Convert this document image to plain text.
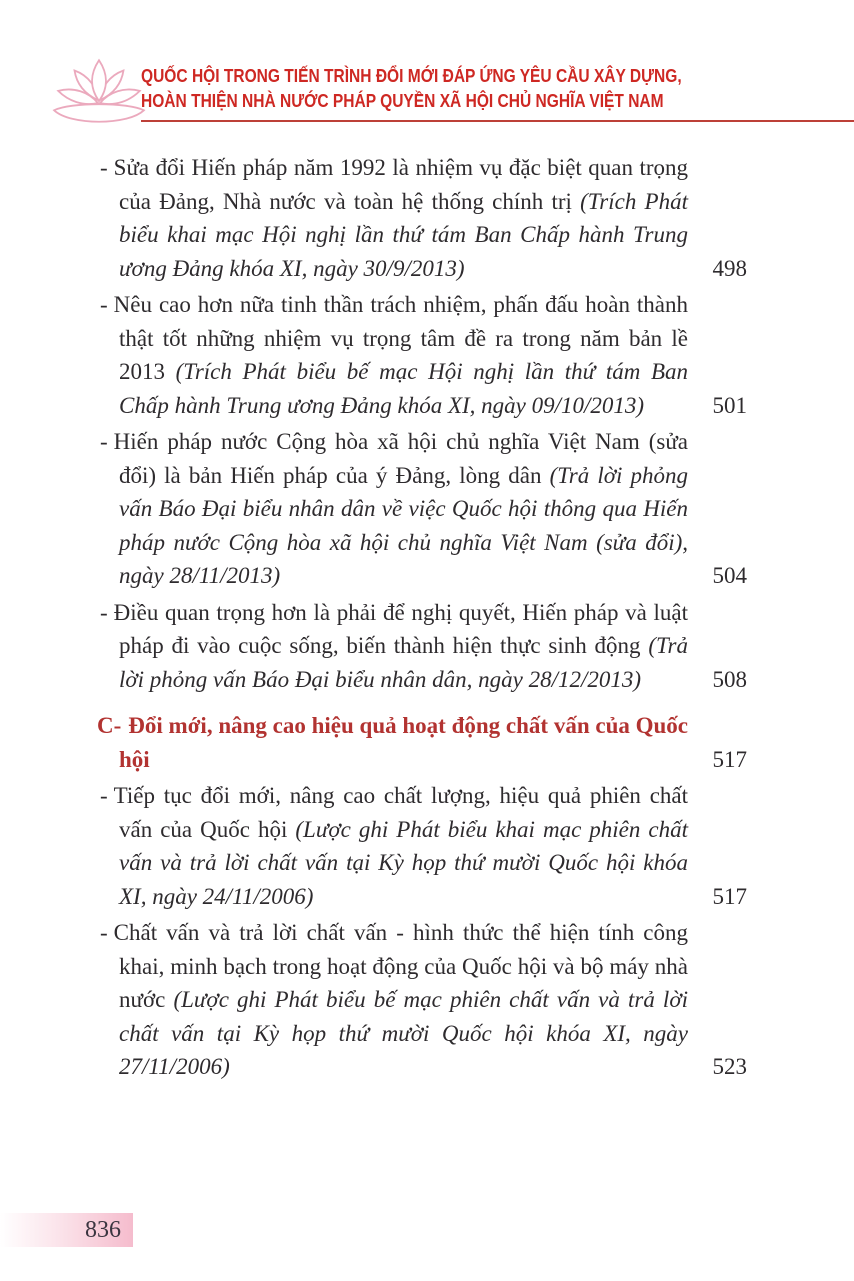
QUỐC HỘI TRONG TIẾN TRÌNH ĐỔI MỚI ĐÁP ỨNG YÊU CẦU XÂY DỰNG,
HOÀN THIỆN NHÀ NƯỚC PHÁP QUYỀN XÃ HỘI CHỦ NGHĨA VIỆT NAM
- Sửa đổi Hiến pháp năm 1992 là nhiệm vụ đặc biệt quan trọng của Đảng, Nhà nước và toàn hệ thống chính trị (Trích Phát biểu khai mạc Hội nghị lần thứ tám Ban Chấp hành Trung ương Đảng khóa XI, ngày 30/9/2013)	498
- Nêu cao hơn nữa tinh thần trách nhiệm, phấn đấu hoàn thành thật tốt những nhiệm vụ trọng tâm đề ra trong năm bản lề 2013 (Trích Phát biểu bế mạc Hội nghị lần thứ tám Ban Chấp hành Trung ương Đảng khóa XI, ngày 09/10/2013)	501
- Hiến pháp nước Cộng hòa xã hội chủ nghĩa Việt Nam (sửa đổi) là bản Hiến pháp của ý Đảng, lòng dân (Trả lời phỏng vấn Báo Đại biểu nhân dân về việc Quốc hội thông qua Hiến pháp nước Cộng hòa xã hội chủ nghĩa Việt Nam (sửa đổi), ngày 28/11/2013)	504
- Điều quan trọng hơn là phải để nghị quyết, Hiến pháp và luật pháp đi vào cuộc sống, biến thành hiện thực sinh động (Trả lời phỏng vấn Báo Đại biểu nhân dân, ngày 28/12/2013)	508
C- Đổi mới, nâng cao hiệu quả hoạt động chất vấn của Quốc hội	517
- Tiếp tục đổi mới, nâng cao chất lượng, hiệu quả phiên chất vấn của Quốc hội (Lược ghi Phát biểu khai mạc phiên chất vấn và trả lời chất vấn tại Kỳ họp thứ mười Quốc hội khóa XI, ngày 24/11/2006)	517
- Chất vấn và trả lời chất vấn - hình thức thể hiện tính công khai, minh bạch trong hoạt động của Quốc hội và bộ máy nhà nước (Lược ghi Phát biểu bế mạc phiên chất vấn và trả lời chất vấn tại Kỳ họp thứ mười Quốc hội khóa XI, ngày 27/11/2006)	523
836
